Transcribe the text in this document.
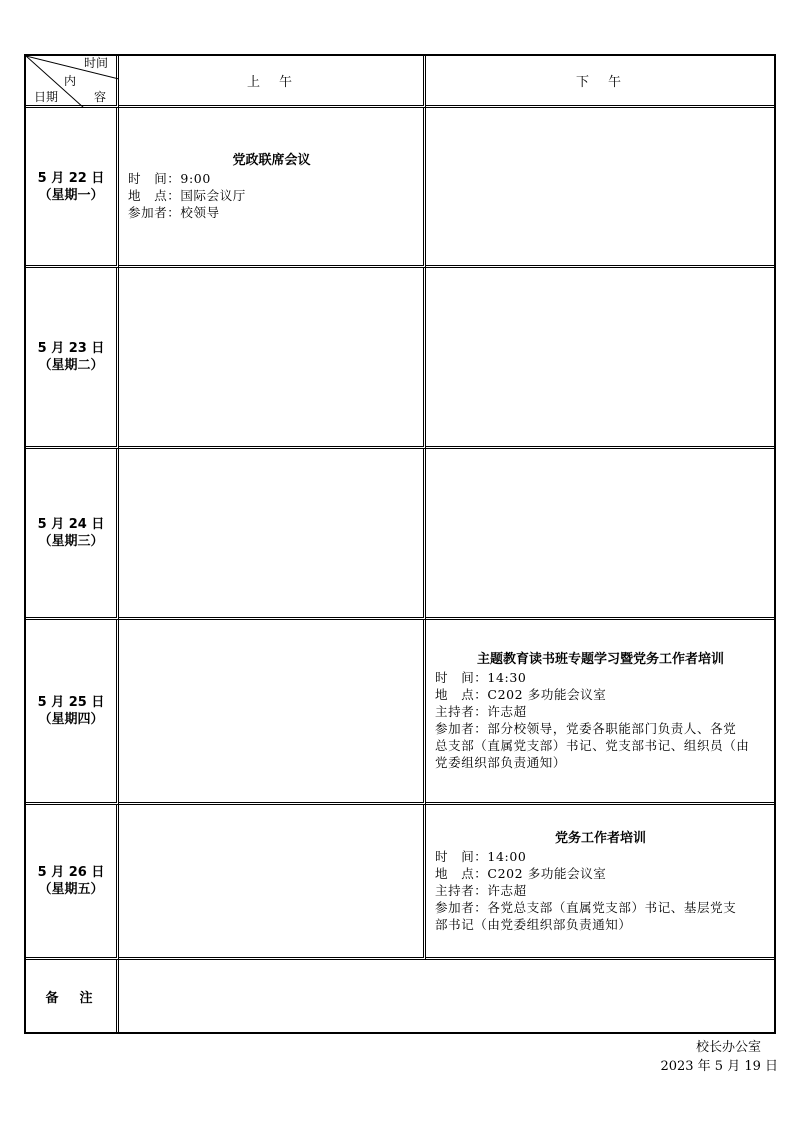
时间
内
容
日期
上　午	下　午
5 月 22 日
（星期一）
党政联席会议
时　间：9:00
地　点：国际会议厅
参加者：校领导
5 月 23 日
（星期二）
5 月 24 日
（星期三）
5 月 25 日
（星期四）
主题教育读书班专题学习暨党务工作者培训
时　间：14:30
地　点：C202 多功能会议室
主持者：许志超
参加者：部分校领导，党委各职能部门负责人、各党
总支部（直属党支部）书记、党支部书记、组织员（由
党委组织部负责通知）
5 月 26 日
（星期五）
党务工作者培训
时　间：14:00
地　点：C202 多功能会议室
主持者：许志超
参加者：各党总支部（直属党支部）书记、基层党支
部书记（由党委组织部负责通知）
备　注
校长办公室
2023 年 5 月 19 日
